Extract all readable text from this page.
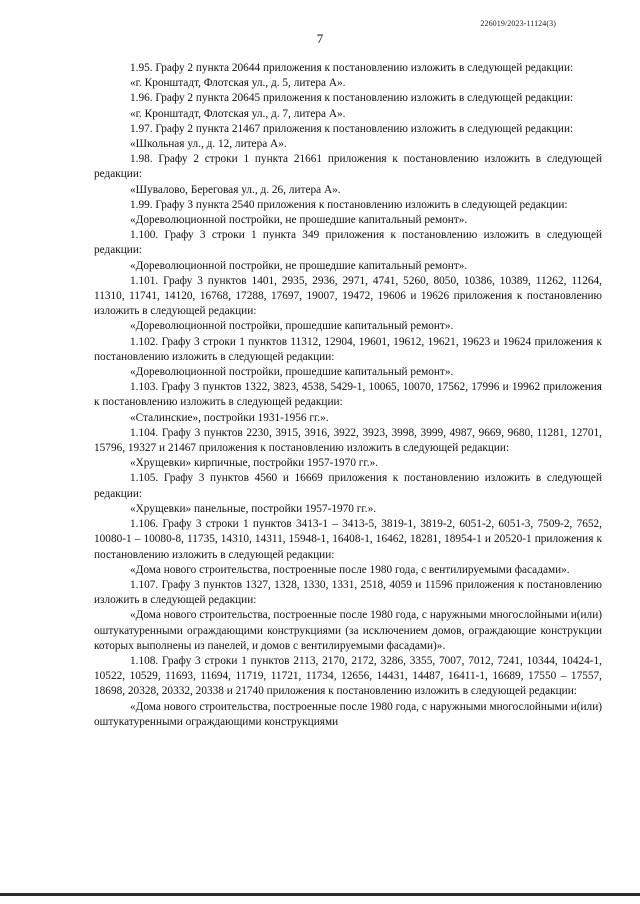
226019/2023-11124(3)
7

1.95. Графу 2 пункта 20644 приложения к постановлению изложить в следующей редакции:

«г. Кронштадт, Флотская ул., д. 5, литера А».

1.96. Графу 2 пункта 20645 приложения к постановлению изложить в следующей редакции:

«г. Кронштадт, Флотская ул., д. 7, литера А».

1.97. Графу 2 пункта 21467 приложения к постановлению изложить в следующей редакции:

«Школьная ул., д. 12, литера А».

1.98. Графу 2 строки 1 пункта 21661 приложения к постановлению изложить в следующей редакции:

«Шувалово, Береговая ул., д. 26, литера А».

1.99. Графу 3 пункта 2540 приложения к постановлению изложить в следующей редакции:

«Дореволюционной постройки, не прошедшие капитальный ремонт».

1.100. Графу 3 строки 1 пункта 349 приложения к постановлению изложить в следующей редакции:

«Дореволюционной постройки, не прошедшие капитальный ремонт».

1.101. Графу 3 пунктов 1401, 2935, 2936, 2971, 4741, 5260, 8050, 10386, 10389, 11262, 11264, 11310, 11741, 14120, 16768, 17288, 17697, 19007, 19472, 19606 и 19626 приложения к постановлению изложить в следующей редакции:

«Дореволюционной постройки, прошедшие капитальный ремонт».

1.102. Графу 3 строки 1 пунктов 11312, 12904, 19601, 19612, 19621, 19623 и 19624 приложения к постановлению изложить в следующей редакции:

«Дореволюционной постройки, прошедшие капитальный ремонт».

1.103. Графу 3 пунктов 1322, 3823, 4538, 5429-1, 10065, 10070, 17562, 17996 и 19962 приложения к постановлению изложить в следующей редакции:

«Сталинские», постройки 1931-1956 гг.».

1.104. Графу 3 пунктов 2230, 3915, 3916, 3922, 3923, 3998, 3999, 4987, 9669, 9680, 11281, 12701, 15796, 19327 и 21467 приложения к постановлению изложить в следующей редакции:

«Хрущевки» кирпичные, постройки 1957-1970 гг.».

1.105. Графу 3 пунктов 4560 и 16669 приложения к постановлению изложить в следующей редакции:

«Хрущевки» панельные, постройки 1957-1970 гг.».

1.106. Графу 3 строки 1 пунктов 3413-1 – 3413-5, 3819-1, 3819-2, 6051-2, 6051-3, 7509-2, 7652, 10080-1 – 10080-8, 11735, 14310, 14311, 15948-1, 16408-1, 16462, 18281, 18954-1 и 20520-1 приложения к постановлению изложить в следующей редакции:

«Дома нового строительства, построенные после 1980 года, с вентилируемыми фасадами».

1.107. Графу 3 пунктов 1327, 1328, 1330, 1331, 2518, 4059 и 11596 приложения к постановлению изложить в следующей редакции:

«Дома нового строительства, построенные после 1980 года, с наружными многослойными и(или) оштукатуренными ограждающими конструкциями (за исключением домов, ограждающие конструкции которых выполнены из панелей, и домов с вентилируемыми фасадами)».

1.108. Графу 3 строки 1 пунктов 2113, 2170, 2172, 3286, 3355, 7007, 7012, 7241, 10344, 10424-1, 10522, 10529, 11693, 11694, 11719, 11721, 11734, 12656, 14431, 14487, 16411-1, 16689, 17550 – 17557, 18698, 20328, 20332, 20338 и 21740 приложения к постановлению изложить в следующей редакции:

«Дома нового строительства, построенные после 1980 года, с наружными многослойными и(или) оштукатуренными ограждающими конструкциями
